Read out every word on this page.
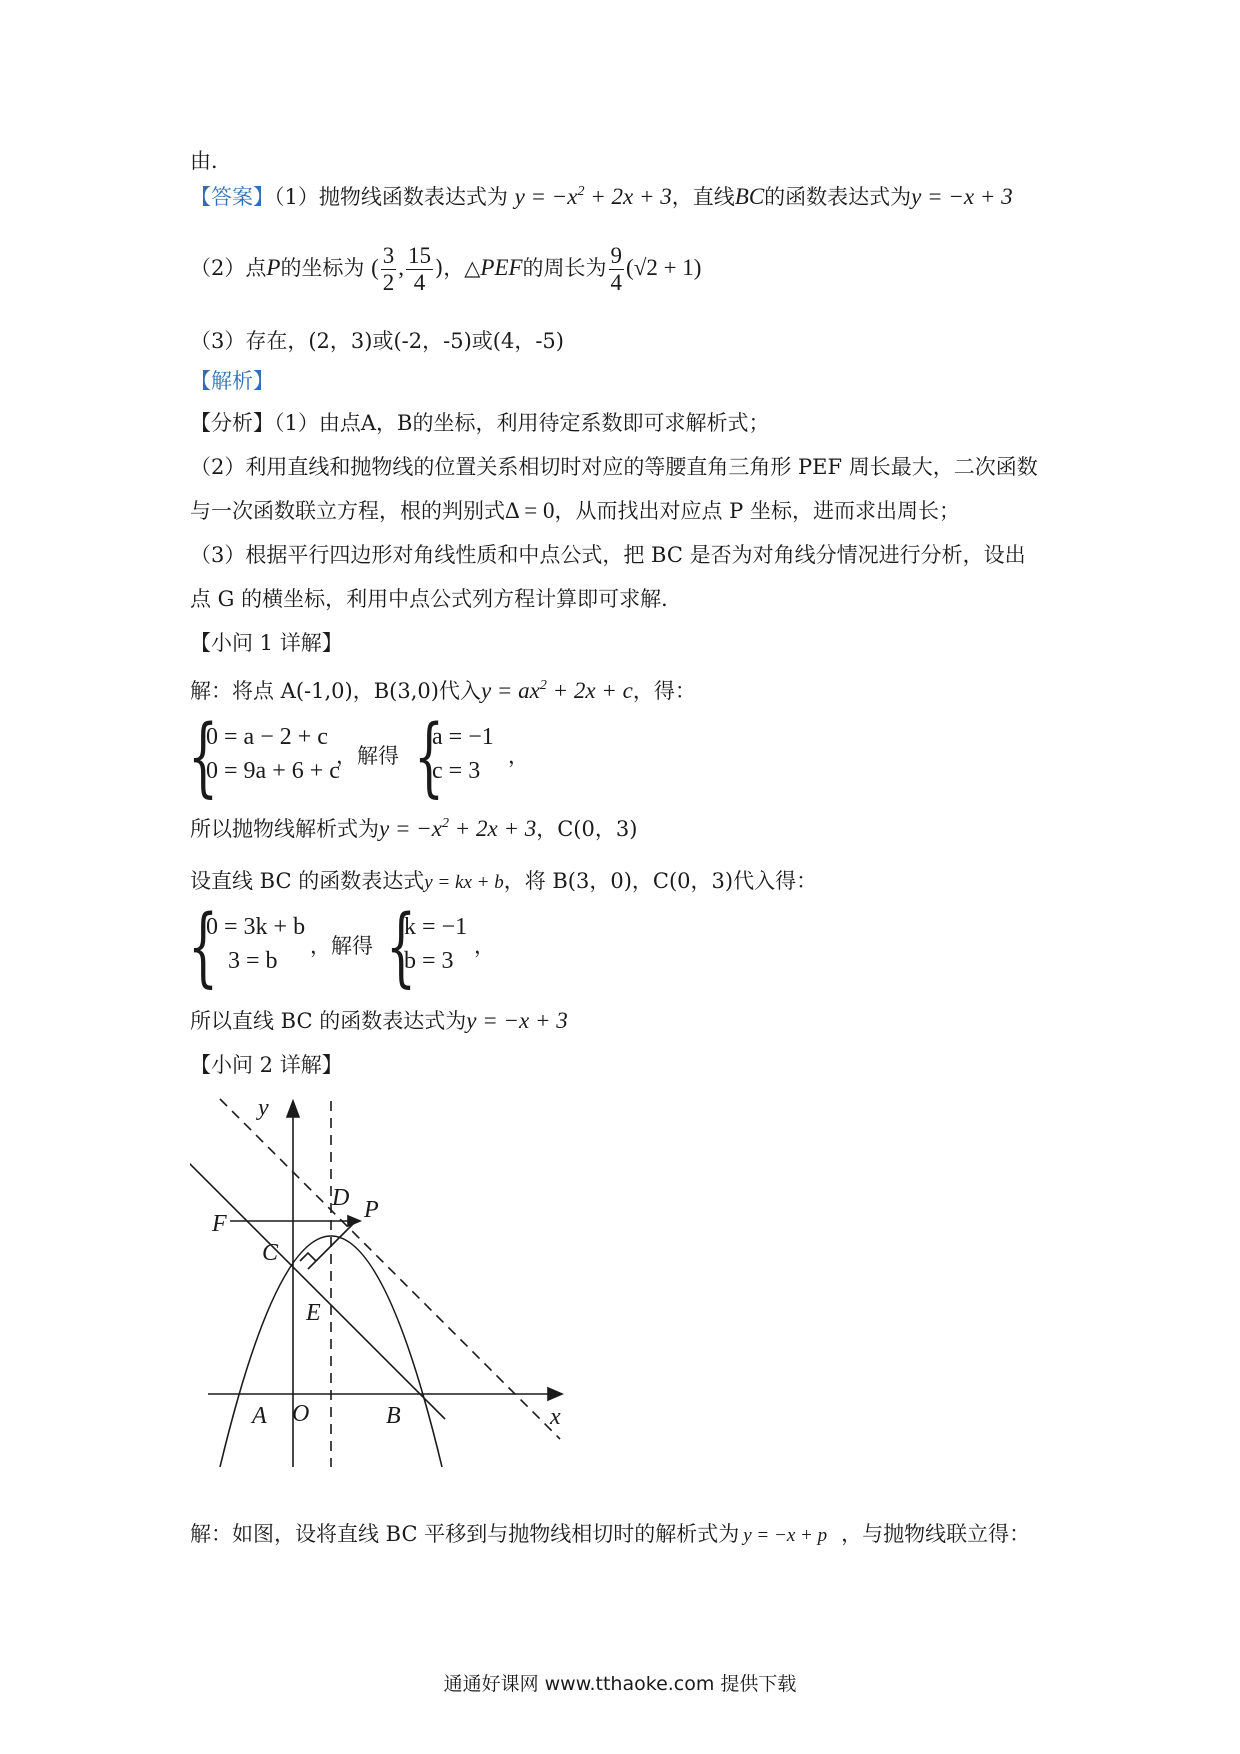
由．
【答案】（1）抛物线函数表达式为 $y = -x^2 + 2x + 3$，直线BC的函数表达式为y = −x + 3
（2）点P的坐标为 ( $\frac{3}{2}$ , $\frac{15}{4}$ )，△PEF的周长为 $\frac{9}{4} (√2 + 1)$
（3）存在，(2，3)或(-2，-5)或(4，-5)
【解析】
【分析】（1）由点A，B的坐标，利用待定系数即可求解析式；
（2）利用直线和抛物线的位置关系相切时对应的等腰直角三角形 PEF 周长最大，二次函数
与一次函数联立方程，根的判别式Δ = 0，从而找出对应点 P 坐标，进而求出周长；
（3）根据平行四边形对角线性质和中点公式，把 BC 是否为对角线分情况进行分析，设出
点 G 的横坐标，利用中点公式列方程计算即可求解．
【小问 1 详解】
解：将点 A(-1,0)，B(3,0)代入$y = ax^2 + 2x + c$，得：
{
0 = a − 2 + c
0 = 9a + 6 + c
，解得 {
a = −1
c = 3
，
所以抛物线解析式为$y = -x^2 + 2x + 3$，C(0，3)
设直线 BC 的函数表达式y = kx + b，将 B(3，0)，C(0，3)代入得：
{
0 = 3k + b
3 = b
，解得 {
k = −1
b = 3
，
所以直线 BC 的函数表达式为y = −x + 3
【小问 2 详解】
y
x
D P
F
C
E
A O	B
解：如图，设将直线 BC 平移到与抛物线相切时的解析式为 y = −x + p ，与抛物线联立得：
通通好课网 www.tthaoke.com 提供下载
